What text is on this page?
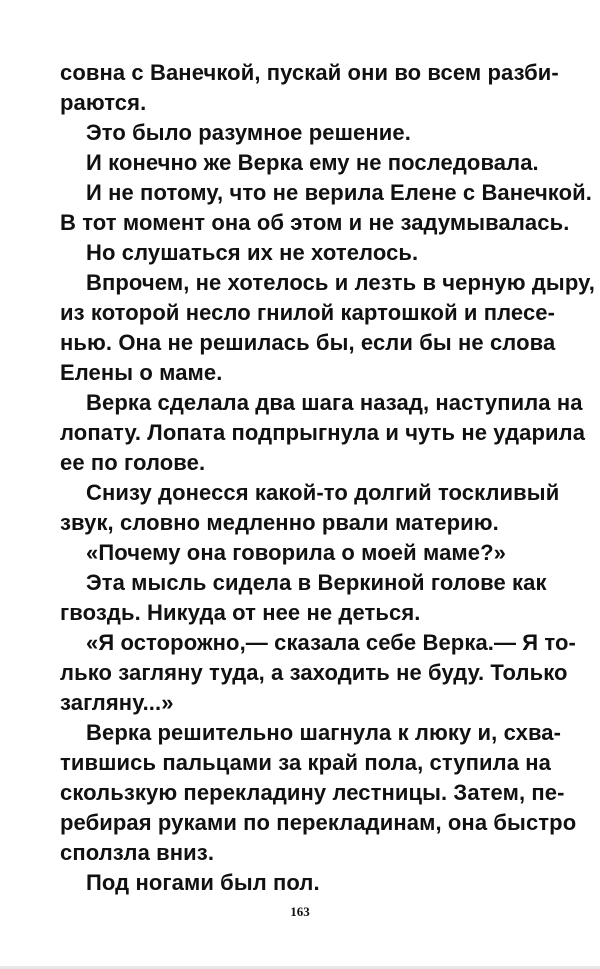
совна с Ванечкой, пускай они во всем разби-
раются.
Это было разумное решение.
И конечно же Верка ему не последовала.
И не потому, что не верила Елене с Ванечкой.
В тот момент она об этом и не задумывалась.
Но слушаться их не хотелось.
Впрочем, не хотелось и лезть в черную дыру,
из которой несло гнилой картошкой и плесе-
нью. Она не решилась бы, если бы не слова
Елены о маме.
Верка сделала два шага назад, наступила на
лопату. Лопата подпрыгнула и чуть не ударила
ее по голове.
Снизу донесся какой-то долгий тоскливый
звук, словно медленно рвали материю.
«Почему она говорила о моей маме?»
Эта мысль сидела в Веркиной голове как
гвоздь. Никуда от нее не деться.
«Я осторожно,— сказала себе Верка.— Я то-
лько загляну туда, а заходить не буду. Только
загляну...»
Верка решительно шагнула к люку и, схва-
тившись пальцами за край пола, ступила на
скользкую перекладину лестницы. Затем, пе-
ребирая руками по перекладинам, она быстро
сползла вниз.
Под ногами был пол.
163
